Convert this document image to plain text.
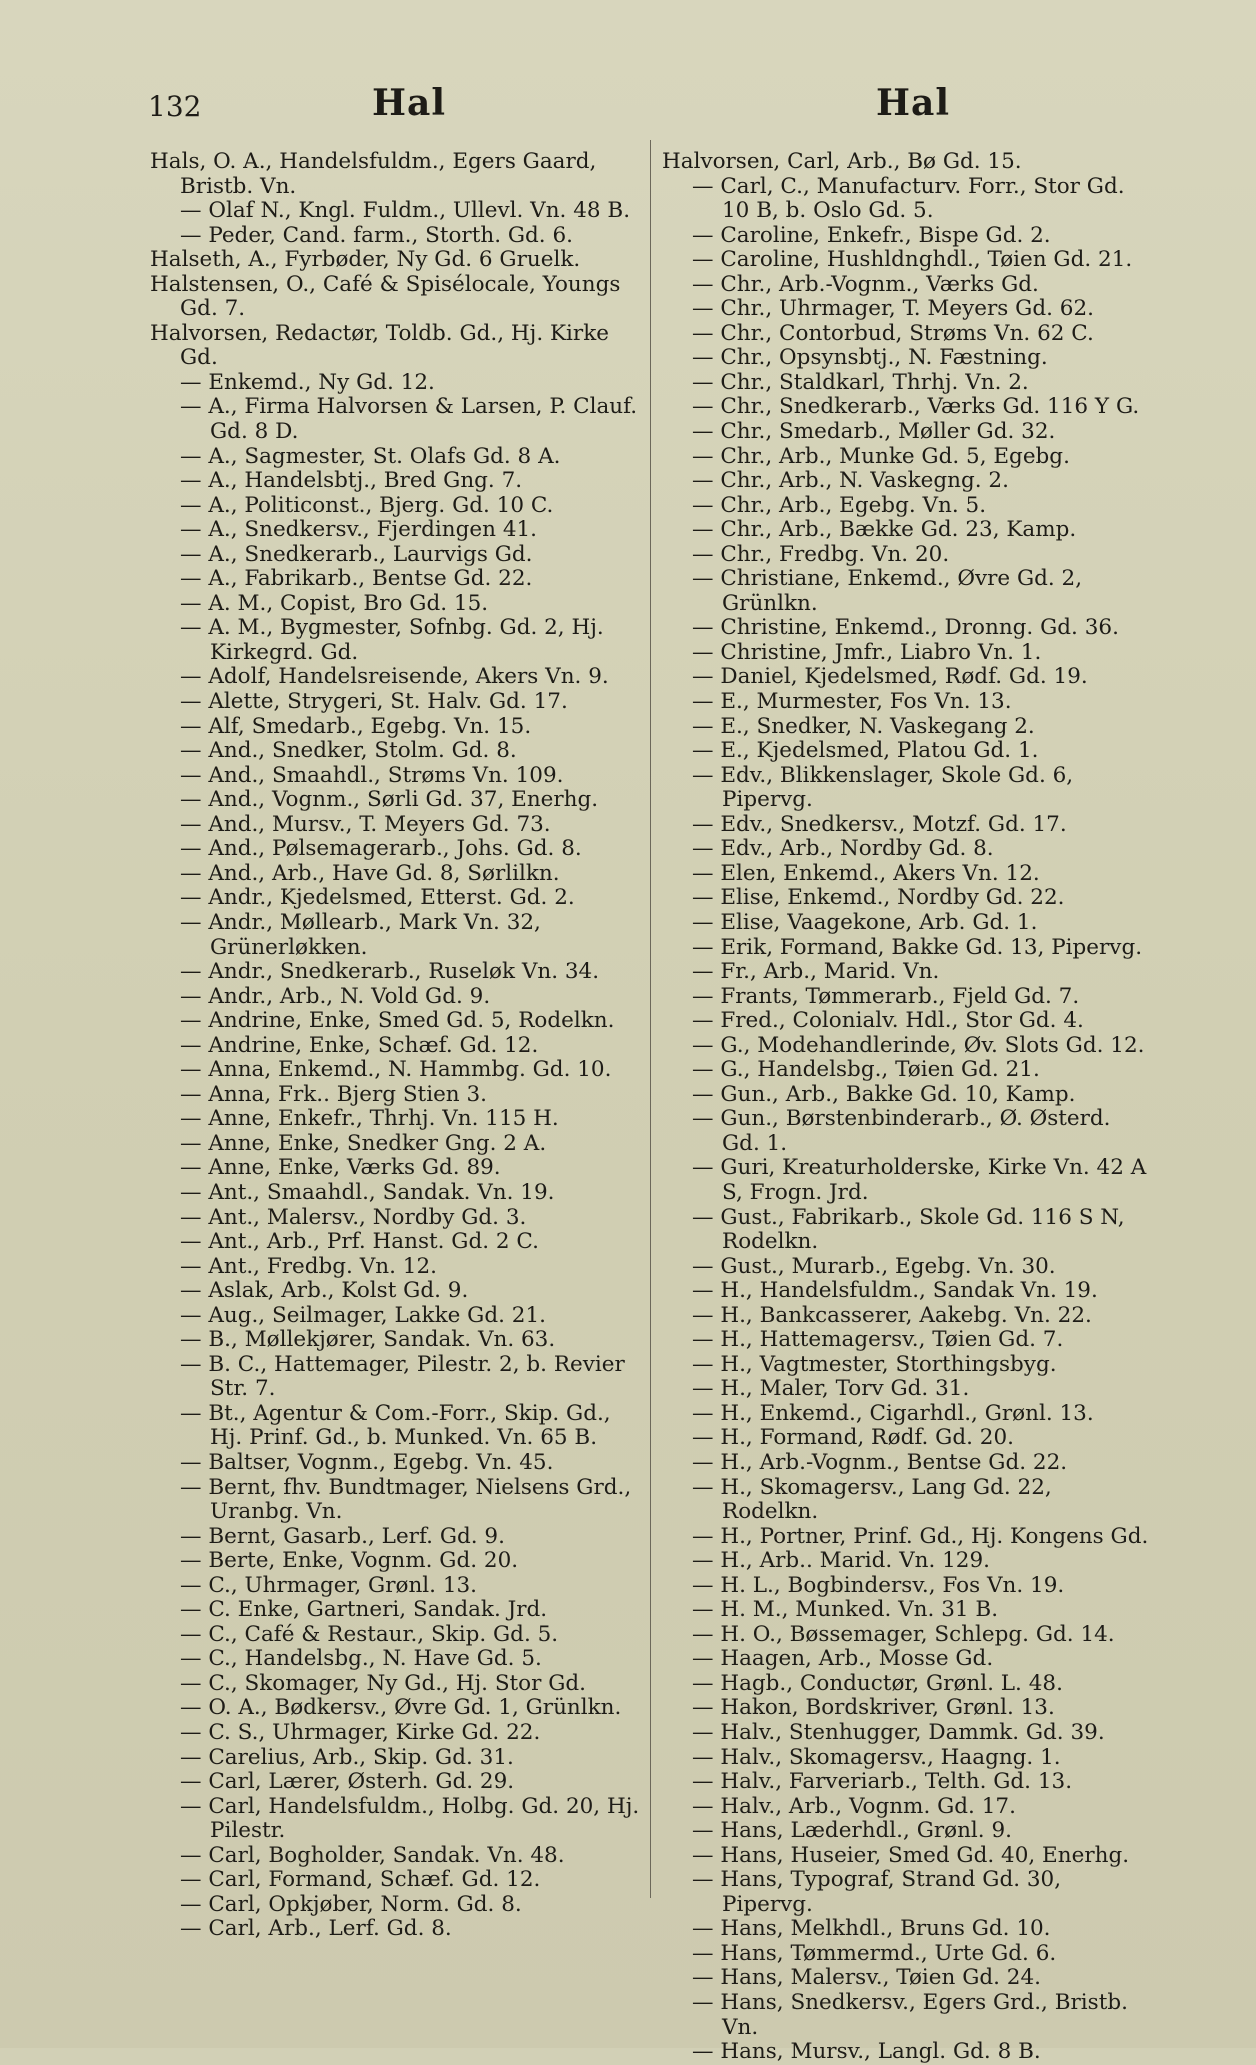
132	Hal	Hal

Hals, O. A., Handelsfuldm., Egers Gaard, Bristb. Vn.

— Olaf N., Kngl. Fuldm., Ullevl. Vn. 48 B.

— Peder, Cand. farm., Storth. Gd. 6.

Halseth, A., Fyrbøder, Ny Gd. 6 Gruelk.

Halstensen, O., Café & Spisélocale, Youngs Gd. 7.

Halvorsen, Redactør, Toldb. Gd., Hj. Kirke Gd.

— Enkemd., Ny Gd. 12.

— A., Firma Halvorsen & Larsen, P. Clauf. Gd. 8 D.

— A., Sagmester, St. Olafs Gd. 8 A.

— A., Handelsbtj., Bred Gng. 7.

— A., Politiconst., Bjerg. Gd. 10 C.

— A., Snedkersv., Fjerdingen 41.

— A., Snedkerarb., Laurvigs Gd.

— A., Fabrikarb., Bentse Gd. 22.

— A. M., Copist, Bro Gd. 15.

— A. M., Bygmester, Sofnbg. Gd. 2, Hj. Kirkegrd. Gd.

— Adolf, Handelsreisende, Akers Vn. 9.

— Alette, Strygeri, St. Halv. Gd. 17.

— Alf, Smedarb., Egebg. Vn. 15.

— And., Snedker, Stolm. Gd. 8.

— And., Smaahdl., Strøms Vn. 109.

— And., Vognm., Sørli Gd. 37, Enerhg.

— And., Mursv., T. Meyers Gd. 73.

— And., Pølsemagerarb., Johs. Gd. 8.

— And., Arb., Have Gd. 8, Sørlilkn.

— Andr., Kjedelsmed, Etterst. Gd. 2.

— Andr., Møllearb., Mark Vn. 32, Grünerløkken.

— Andr., Snedkerarb., Ruseløk Vn. 34.

— Andr., Arb., N. Vold Gd. 9.

— Andrine, Enke, Smed Gd. 5, Rodelkn.

— Andrine, Enke, Schæf. Gd. 12.

— Anna, Enkemd., N. Hammbg. Gd. 10.

— Anna, Frk.. Bjerg Stien 3.

— Anne, Enkefr., Thrhj. Vn. 115 H.

— Anne, Enke, Snedker Gng. 2 A.

— Anne, Enke, Værks Gd. 89.

— Ant., Smaahdl., Sandak. Vn. 19.

— Ant., Malersv., Nordby Gd. 3.

— Ant., Arb., Prf. Hanst. Gd. 2 C.

— Ant., Fredbg. Vn. 12.

— Aslak, Arb., Kolst Gd. 9.

— Aug., Seilmager, Lakke Gd. 21.

— B., Møllekjører, Sandak. Vn. 63.

— B. C., Hattemager, Pilestr. 2, b. Revier Str. 7.

— Bt., Agentur & Com.-Forr., Skip. Gd., Hj. Prinf. Gd., b. Munked. Vn. 65 B.

— Baltser, Vognm., Egebg. Vn. 45.

— Bernt, fhv. Bundtmager, Nielsens Grd., Uranbg. Vn.

— Bernt, Gasarb., Lerf. Gd. 9.

— Berte, Enke, Vognm. Gd. 20.

— C., Uhrmager, Grønl. 13.

— C. Enke, Gartneri, Sandak. Jrd.

— C., Café & Restaur., Skip. Gd. 5.

— C., Handelsbg., N. Have Gd. 5.

— C., Skomager, Ny Gd., Hj. Stor Gd.

— O. A., Bødkersv., Øvre Gd. 1, Grünlkn.

— C. S., Uhrmager, Kirke Gd. 22.

— Carelius, Arb., Skip. Gd. 31.

— Carl, Lærer, Østerh. Gd. 29.

— Carl, Handelsfuldm., Holbg. Gd. 20, Hj. Pilestr.

— Carl, Bogholder, Sandak. Vn. 48.

— Carl, Formand, Schæf. Gd. 12.

— Carl, Opkjøber, Norm. Gd. 8.

— Carl, Arb., Lerf. Gd. 8.

Halvorsen, Carl, Arb., Bø Gd. 15.

— Carl, C., Manufacturv. Forr., Stor Gd. 10 B, b. Oslo Gd. 5.

— Caroline, Enkefr., Bispe Gd. 2.

— Caroline, Hushldnghdl., Tøien Gd. 21.

— Chr., Arb.-Vognm., Værks Gd.

— Chr., Uhrmager, T. Meyers Gd. 62.

— Chr., Contorbud, Strøms Vn. 62 C.

— Chr., Opsynsbtj., N. Fæstning.

— Chr., Staldkarl, Thrhj. Vn. 2.

— Chr., Snedkerarb., Værks Gd. 116 Y G.

— Chr., Smedarb., Møller Gd. 32.

— Chr., Arb., Munke Gd. 5, Egebg.

— Chr., Arb., N. Vaskegng. 2.

— Chr., Arb., Egebg. Vn. 5.

— Chr., Arb., Bække Gd. 23, Kamp.

— Chr., Fredbg. Vn. 20.

— Christiane, Enkemd., Øvre Gd. 2, Grünlkn.

— Christine, Enkemd., Dronng. Gd. 36.

— Christine, Jmfr., Liabro Vn. 1.

— Daniel, Kjedelsmed, Rødf. Gd. 19.

— E., Murmester, Fos Vn. 13.

— E., Snedker, N. Vaskegang 2.

— E., Kjedelsmed, Platou Gd. 1.

— Edv., Blikkenslager, Skole Gd. 6, Pipervg.

— Edv., Snedkersv., Motzf. Gd. 17.

— Edv., Arb., Nordby Gd. 8.

— Elen, Enkemd., Akers Vn. 12.

— Elise, Enkemd., Nordby Gd. 22.

— Elise, Vaagekone, Arb. Gd. 1.

— Erik, Formand, Bakke Gd. 13, Pipervg.

— Fr., Arb., Marid. Vn.

— Frants, Tømmerarb., Fjeld Gd. 7.

— Fred., Colonialv. Hdl., Stor Gd. 4.

— G., Modehandlerinde, Øv. Slots Gd. 12.

— G., Handelsbg., Tøien Gd. 21.

— Gun., Arb., Bakke Gd. 10, Kamp.

— Gun., Børstenbinderarb., Ø. Østerd. Gd. 1.

— Guri, Kreaturholderske, Kirke Vn. 42 A S, Frogn. Jrd.

— Gust., Fabrikarb., Skole Gd. 116 S N, Rodelkn.

— Gust., Murarb., Egebg. Vn. 30.

— H., Handelsfuldm., Sandak Vn. 19.

— H., Bankcasserer, Aakebg. Vn. 22.

— H., Hattemagersv., Tøien Gd. 7.

— H., Vagtmester, Storthingsbyg.

— H., Maler, Torv Gd. 31.

— H., Enkemd., Cigarhdl., Grønl. 13.

— H., Formand, Rødf. Gd. 20.

— H., Arb.-Vognm., Bentse Gd. 22.

— H., Skomagersv., Lang Gd. 22, Rodelkn.

— H., Portner, Prinf. Gd., Hj. Kongens Gd.

— H., Arb.. Marid. Vn. 129.

— H. L., Bogbindersv., Fos Vn. 19.

— H. M., Munked. Vn. 31 B.

— H. O., Bøssemager, Schlepg. Gd. 14.

— Haagen, Arb., Mosse Gd.

— Hagb., Conductør, Grønl. L. 48.

— Hakon, Bordskriver, Grønl. 13.

— Halv., Stenhugger, Dammk. Gd. 39.

— Halv., Skomagersv., Haagng. 1.

— Halv., Farveriarb., Telth. Gd. 13.

— Halv., Arb., Vognm. Gd. 17.

— Hans, Læderhdl., Grønl. 9.

— Hans, Huseier, Smed Gd. 40, Enerhg.

— Hans, Typograf, Strand Gd. 30, Pipervg.

— Hans, Melkhdl., Bruns Gd. 10.

— Hans, Tømmermd., Urte Gd. 6.

— Hans, Malersv., Tøien Gd. 24.

— Hans, Snedkersv., Egers Grd., Bristb. Vn.

— Hans, Mursv., Langl. Gd. 8 B.
